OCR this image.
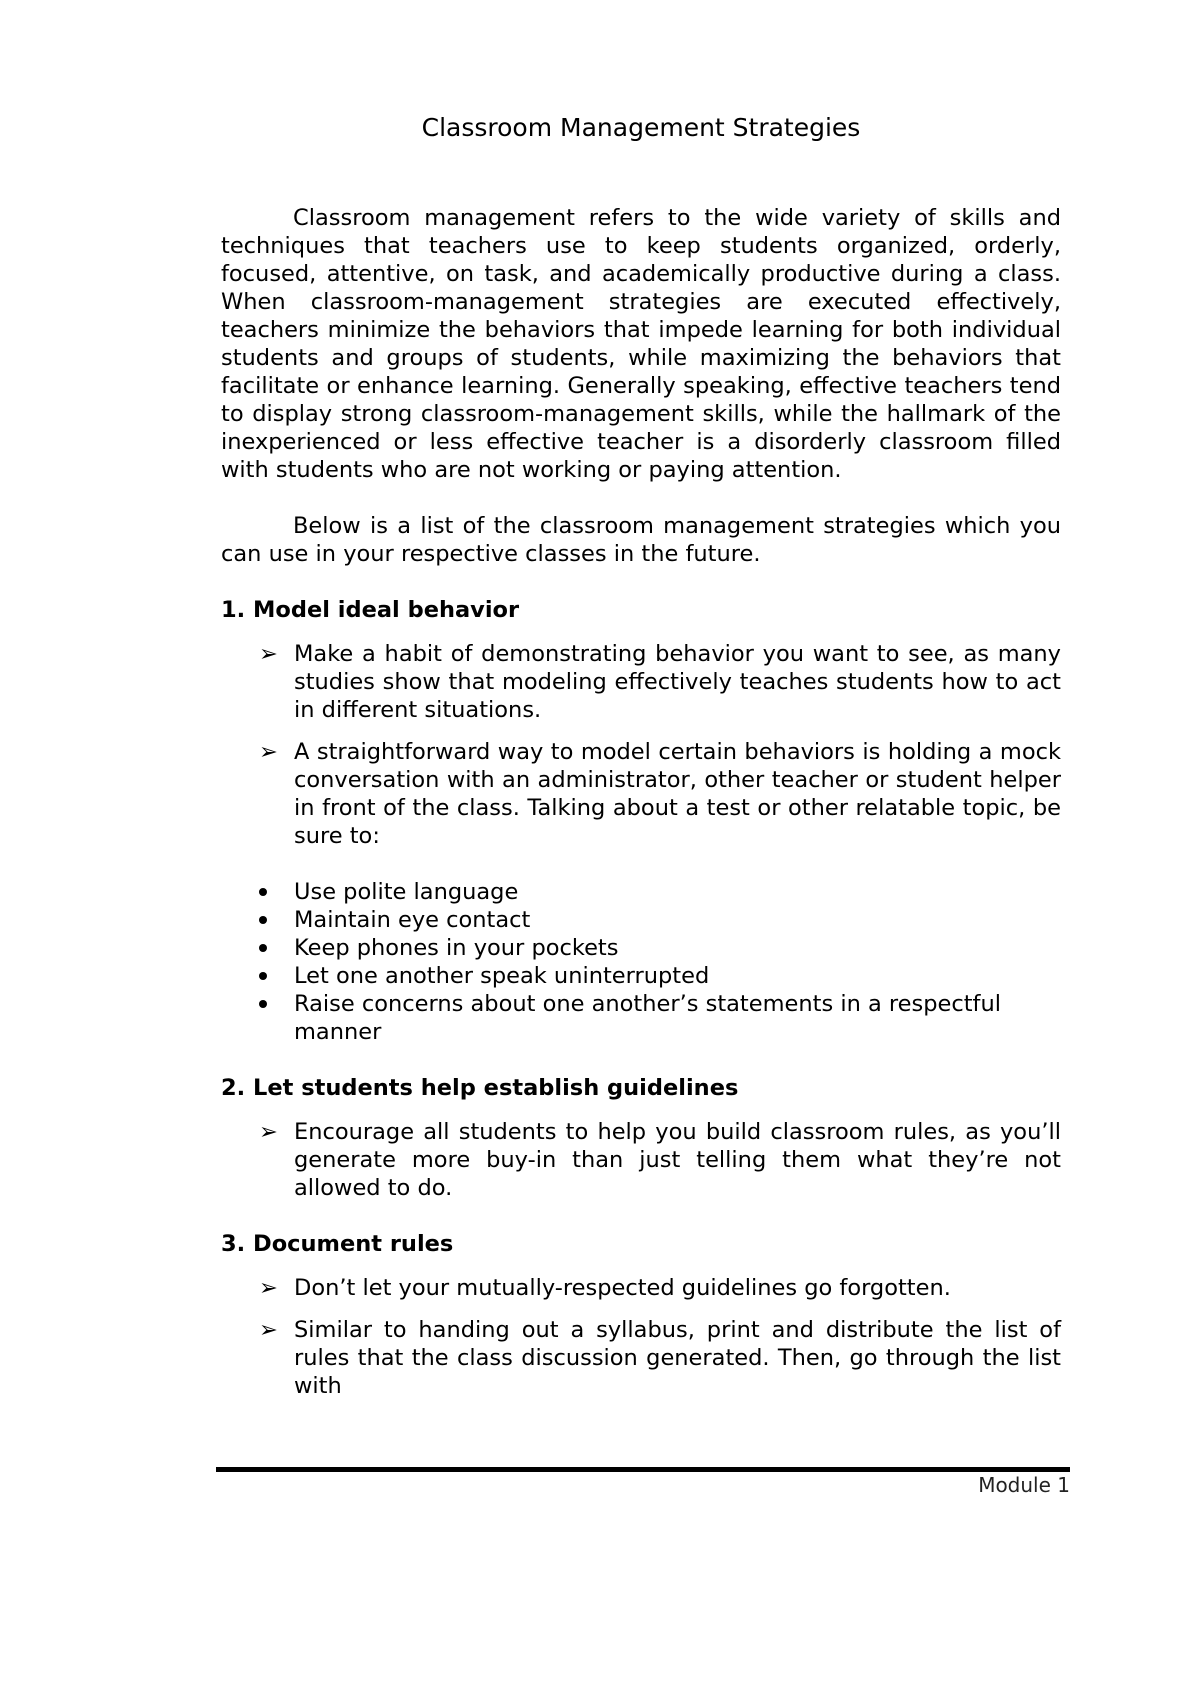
Classroom Management Strategies

Classroom management refers to the wide variety of skills and techniques that teachers use to keep students organized, orderly, focused, attentive, on task, and academically productive during a class. When classroom-management strategies are executed effectively, teachers minimize the behaviors that impede learning for both individual students and groups of students, while maximizing the behaviors that facilitate or enhance learning. Generally speaking, effective teachers tend to display strong classroom-management skills, while the hallmark of the inexperienced or less effective teacher is a disorderly classroom filled with students who are not working or paying attention.

Below is a list of the classroom management strategies which you can use in your respective classes in the future.

1. Model ideal behavior
➢ Make a habit of demonstrating behavior you want to see, as many studies show that modeling effectively teaches students how to act in different situations.
➢ A straightforward way to model certain behaviors is holding a mock conversation with an administrator, other teacher or student helper in front of the class. Talking about a test or other relatable topic, be sure to:
Use polite language
Maintain eye contact
Keep phones in your pockets
Let one another speak uninterrupted
Raise concerns about one another’s statements in a respectful manner
2. Let students help establish guidelines
➢ Encourage all students to help you build classroom rules, as you’ll generate more buy-in than just telling them what they’re not allowed to do.
3. Document rules
➢ Don’t let your mutually-respected guidelines go forgotten.
➢ Similar to handing out a syllabus, print and distribute the list of rules that the class discussion generated. Then, go through the list with
Module 1
